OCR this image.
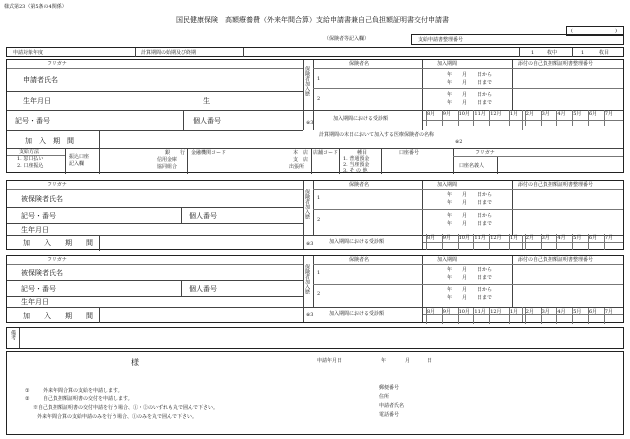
様式第23（第5条の4関係）
国民健康保険　高額療養費（外来年間合算）支給申請書兼自己負担額証明書交付申請書
(	)
（保険者等記入欄）	支給申請書整理番号
申請対象年度	計算期間の始期及び終期	1	枚中	1	枚目
フリガナ
申請者氏名
生年月日	生
記号・番号	個人番号
加　入　期　間
保険者加入歴
保険者名	加入期間	添付の自己負担額証明書整理番号
1
年　　月　　日から
年　　月　　日まで
2
年　　月　　日から
年　　月　　日まで
※3
加入期間における受診額
計算期間の末日において加入する医療保険者の名称
※2
支給方法
1. 窓口払い
2. 口座振込
振込口座
記入欄
銀　　行
信用金庫
協同組合
金融機関コード	本　店
支　店
出張所
店舗コード	種目
1. 普通預金
2. 当座預金
3. そ の 他
口座番号	フリガナ
口座名義人
フリガナ
被保険者氏名
記号・番号	個人番号
生年月日
加　　入　　期　　間
保険者加入歴
保険者名	加入期間	添付の自己負担額証明書整理番号
1	年　　月　　日から
年　　月　　日まで
2
年　　月　　日から
年　　月　　日まで
※3	加入期間における受診額
フリガナ
被保険者氏名
記号・番号	個人番号
生年月日
加　　入　　期　　間
保険者加入歴
保険者名	加入期間	添付の自己負担額証明書整理番号
1	年　　月　　日から
年　　月　　日まで
2
年　　月　　日から
年　　月　　日まで
※3	加入期間における受診額
8月 9月 10月 11月 12月 1月 2月 3月 4月 5月 6月 7月
8月 9月 10月 11月 12月 1月 2月 3月 4月 5月 6月 7月
8月 9月 10月 11月 12月 1月 2月 3月 4月 5月 6月 7月
備考
様	申請年月日	年	月	日
①	外来年間合算の支給を申請します。
②	自己負担額証明書の交付を申請します。
※自己負担額証明書の交付申請を行う場合、①・②のいずれも丸で囲んで下さい。
外来年間合算の支給申請のみを行う場合、①のみを丸で囲んで下さい。
郵便番号
住所
申請者氏名
電話番号
